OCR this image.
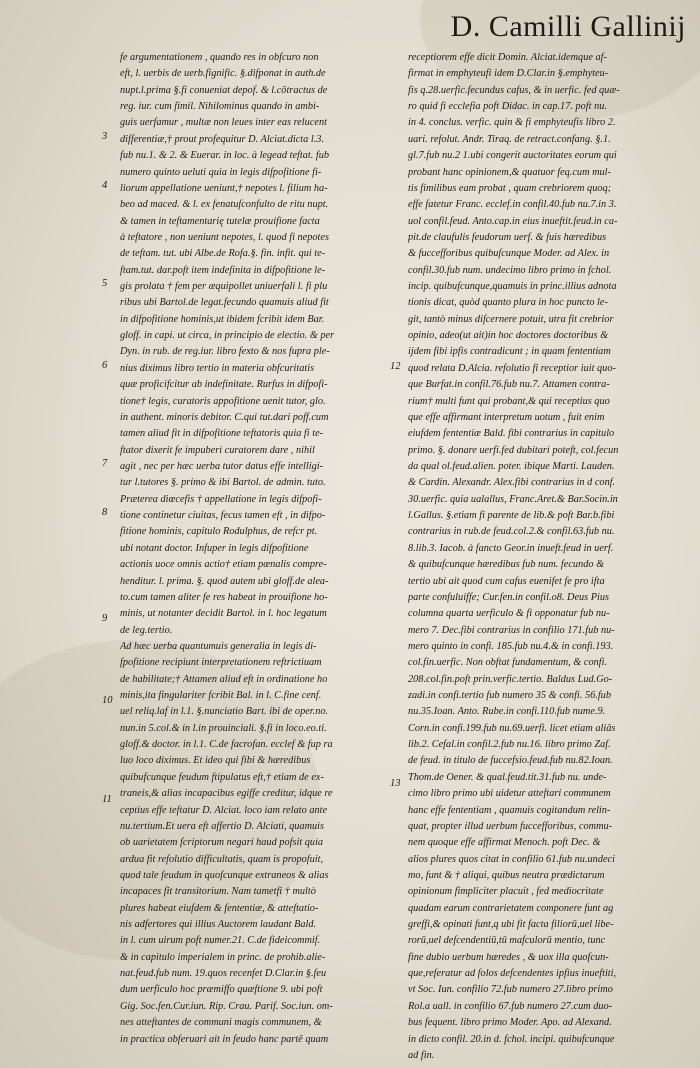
D. Camilli Gallinij
fe argumentationem , quando res in obfcuro non
eft, l. uerbis de uerb.fignific. §.difponat in auth.de
nupt.l.prima §.fi conueniat depof. & l.cōtractus de
reg. iur. cum fimil. Nihilominus quando in ambi-
guis uerfamur , multæ non leues inter eas relucent
differentiæ,† prout profequitur D. Alciat.dicta l.3.
fub nu.1. & 2. & Euerar. in loc. à legead teftat. fub
numero quinto ueluti quia in legis difpofitione fi-
liorum appellatione ueniunt,† nepotes l. filium ha-
beo ad maced. & l. ex fenatufconfulto de ritu nupt.
& tamen in teftamentarię tutelæ prouifione facta
à teftatore , non ueniunt nepotes, l. quod fi nepotes
de teftam. tut. ubi Albe.de Rofa.§. fin. infit. qui te-
ftam.tut. dar.poft item indefinita in difpofitione le-
gis prolata † fem per æquipollet uniuerfali l. fi plu
ribus ubi Bartol.de legat.fecundo quamuis aliud fit
in difpofitione hominis,ut ibidem fcribit idem Bar.
gloff. in capi. ut circa, in principio de electio. & per
Dyn. in rub. de reg.iur. libro fexto & nos fupra ple-
nius diximus libro tertio in materia obfcuritatis
quæ proficifcitur ab indefinitate. Rurfus in difpofi-
tione† legis, curatoris appofitione uenit tutor, glo.
in authent. minoris debitor. C.qui tut.dari poff.cum
tamen aliud fit in difpofitione teftatoris quia fi te-
ftator dixerit fe impuberi curatorem dare , nihil
agit , nec per hæc uerba tutor datus effe intelligi-
tur l.tutores §. primo & ibi Bartol. de admin. tuto.
Præterea diœcefis † appellatione in legis difpofi-
tione continetur ciuitas, fecus tamen eft , in difpo-
fitione hominis, capitulo Rodulphus, de refcr pt.
ubi notant doctor. Infuper in legis difpofitione
actionis uoce omnis actio† etiam pœnalis compre-
henditur. l. prima. §. quod autem ubi gloff.de alea-
to.cum tamen aliter fe res habeat in prouifione ho-
minis, ut notanter decidit Bartol. in l. hoc legatum
de leg.tertio.
Ad hæc uerba quantumuis generalia in legis di-
fpofitione recipiunt interpretationem reftrictiuam
de habilitate;† Attamen aliud eft in ordinatione ho
minis,ita fingulariter fcribit Bal. in l. C.fine cenf.
uel reliq.laf in l.1. §.nunciatio Bart. ibi de oper.no.
nun.in 5.col.& in l.in prouinciali. §.fi in loco.eo.ti.
gloff.& doctor. in l.1. C.de facrofan. ecclef & fup ra
luo loco diximus. Et ideo qui fibi & hæredibus
quibufcunque feudum ftipulatus eft,† etiam de ex-
traneis,& alias incapacibus egiffe creditur, idque re
ceptius effe teftatur D. Alciat. loco iam relato ante
nu.tertium.Et uera eft affertio D. Alciati, quamuis
ob uarietatem fcriptorum negari haud pofsit quia
ardua fit refolutio difficultatis, quam is propofuit,
quod tale feudum in quofcunque extraneos & alias
incapaces fit transitorium. Nam tametfi † multò
plures habeat eiufdem & fententiæ, & atteftatio-
nis adfertores qui illius Auctorem laudant Bald.
in l. cum uirum poft numer.21. C.de fideicommif.
& in capitulo imperialem in princ. de prohib.alie-
nat.feud.fub num. 19.quos recenfet D.Clar.in §.feu
dum uerficulo hoc præmiffo quæftione 9. ubi poft
Gig. Soc.fen.Cur.iun. Rip. Crau. Parif. Soc.iun. om-
nes atteftantes de communi magis communem, &
in practica obferuari ait in feudo hanc partē quam
receptiorem effe dicit Domin. Alciat.idemque af-
firmat in emphyteufi idem D.Clar.in §.emphyteu-
fis q.28.uerfic.fecundus cafus, & in uerfic. fed quæ-
ro quid fi ecclefia poft Didac. in cap.17. poft nu.
in 4. conclus. verfic. quin & fi emphyteufis libro 2.
uari. refolut. Andr. Tiraq. de retract.confang. §.1.
gl.7.fub nu.2 1.ubi congerit auctoritates eorum qui
probant hanc opinionem,& quatuor feq.cum mul-
tis fimilibus eam probat , quam crebriorem quoq;
effe fatetur Franc. ecclef.in confil.40.fub nu.7.in 3.
uol confil.feud. Anto.cap.in eius inueftit.feud.in ca-
pit.de claufulis feudorum uerf. & fuis hæredibus
& fuccefforibus quibufcunque Moder. ad Alex. in
confil.30.fub num. undecimo libro primo in fchol.
incip. quibufcunque,quamuis in princ.illius adnota
tionis dicat, quòd quanto plura in hoc puncto le-
git, tantò minus difcernere potuit, utra fit crebrior
opinio, adeo(ut ait)in hoc doctores doctoribus &
ijdem fibi ipfis contradicunt ; in quam fententiam
quod relata D.Alcia. refolutio fi receptior iuit quo-
que Burfat.in confil.76.fub nu.7. Attamen contra-
rium† multi funt qui probant,& qui receptius quo
que effe affirmant interpretum uotum , fuit enim
eiufdem fententiæ Bald. fibi contrarius in capitulo
primo. §. donare uerfi.fed dubitari poteft, col.fecun
da qual ol.feud.alien. poter. ibique Marti. Lauden.
& Cardin. Alexandr. Alex.fibi contrarius in d conf.
30.uerfic. quia ualallus, Franc.Aret.& Bar.Socin.in
l.Gallus. §.etiam fi parente de lib.& poft Bar.b.fibi
contrarius in rub.de feud.col.2.& confil.63.fub nu.
8.lib.3. Iacob. à fancto Geor.in inueft.feud in uerf.
& quibufcunque hæredibus fub num. fecundo &
tertio ubi ait quod cum cafus euenifet fe pro ifta
parte confuluiffe; Cur.fen.in confil.o8. Deus Pius
columna quarta uerficulo & fi opponatur fub nu-
mero 7. Dec.fibi contrarius in confilio 171.fub nu-
mero quinto in confi. 185.fub nu.4.& in confi.193.
col.fin.uerfic. Non obftat fundamentum, & confi.
208.col.fin.poft prin.verfic.tertio. Baldus Lud.Go-
zadi.in confi.tertio fub numero 35 & confi. 56.fub
nu.35.Ioan. Anto. Rube.in confi.110.fub nume.9.
Corn.in confi.199.fub nu.69.uerfi. licet etiam aliâs
lib.2. Cefal.in confil.2.fub nu.16. libro primo Zaf.
de feud. in titulo de fuccefsio.feud.fub nu.82.Ioan.
Thom.de Oener. & qual.feud.tit.31.fub nu. unde-
cimo libro primo ubi uidetur atteftari communem
hanc effe fententiam , quamuis cogitandum relin-
quat, propter illud uerbum fuccefforibus, commu-
nem quoque effe affirmat Menoch. poft Dec. &
alios plures quos citat in confilio 61.fub nu.undeci
mo, funt & † aliqui, quibus neutra prædictarum
opinionum fimpliciter placuit , fed mediocritate
quadam earum contrarietatem componere funt ag
greffi,& opinati funt,q ubi fit facta filiorū,uel libe-
rorū,uel defcendentiū,tū mafculorū mentio, tunc
fine dubio uerbum hæredes , & uox illa quofcun-
que,referatur ad folos defcendentes ipfius inueftiti,
vt Soc. Iun. confilio 72.fub numero 27.libro primo
Rol.a uall. in confilio 67.fub numero 27.cum duo-
bus fequent. libro primo Moder. Apo. ad Alexand.
in dicto confil. 20.in d. fchol. incipi. quibufcunque
ad fin.
3
4
5
6
7
8
9
10
11
12
13
